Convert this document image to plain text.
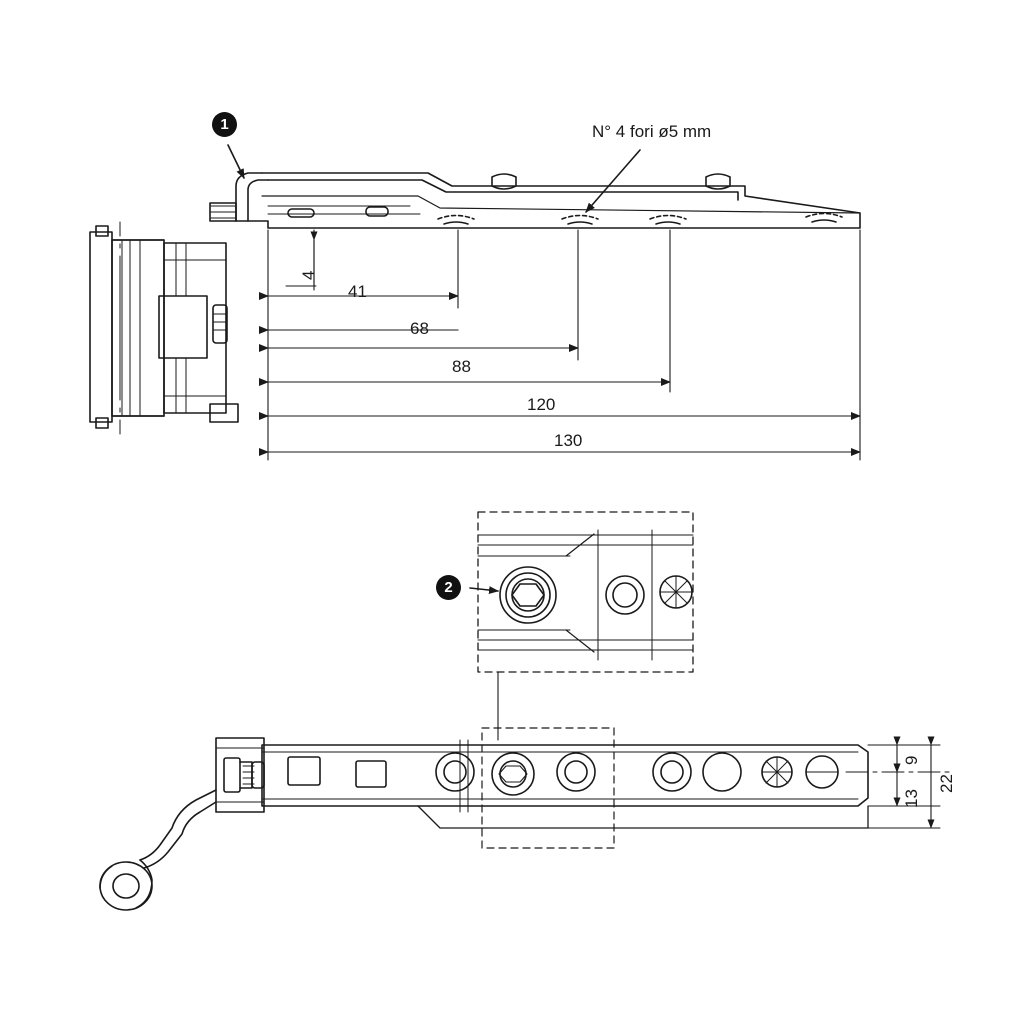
1
2
N° 4 fori ø5 mm
4
41
68
88
120
130
9
13
22
